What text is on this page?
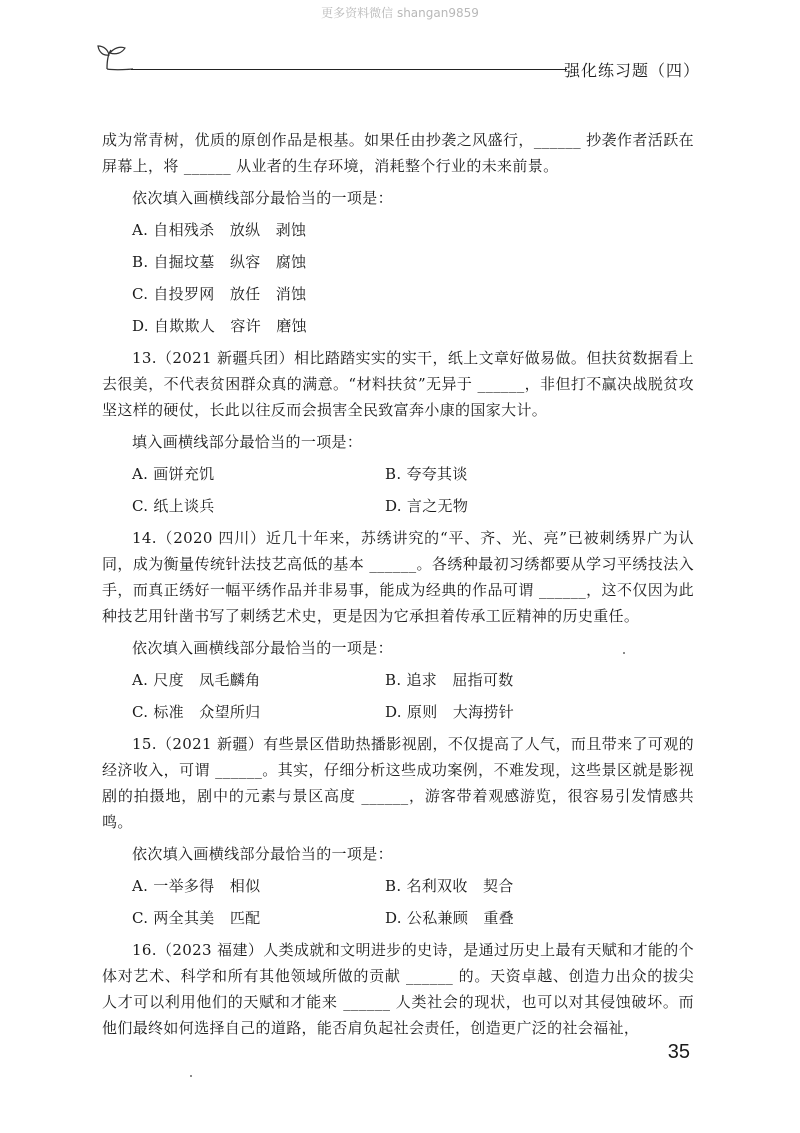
更多资料微信 shangan9859
强化练习题（四）

成为常青树，优质的原创作品是根基。如果任由抄袭之风盛行，______ 抄袭作者活跃在屏幕上，将 ______ 从业者的生存环境，消耗整个行业的未来前景。

依次填入画横线部分最恰当的一项是：

A. 自相残杀　放纵　剥蚀
B. 自掘坟墓　纵容　腐蚀
C. 自投罗网　放任　消蚀
D. 自欺欺人　容许　磨蚀

13.（2021 新疆兵团）相比踏踏实实的实干，纸上文章好做易做。但扶贫数据看上去很美，不代表贫困群众真的满意。“材料扶贫”无异于 ______，非但打不赢决战脱贫攻坚这样的硬仗，长此以往反而会损害全民致富奔小康的国家大计。

填入画横线部分最恰当的一项是：

A. 画饼充饥	B. 夸夸其谈
C. 纸上谈兵	D. 言之无物

14.（2020 四川）近几十年来，苏绣讲究的“平、齐、光、亮”已被刺绣界广为认同，成为衡量传统针法技艺高低的基本 ______。各绣种最初习绣都要从学习平绣技法入手，而真正绣好一幅平绣作品并非易事，能成为经典的作品可谓 ______，这不仅因为此种技艺用针凿书写了刺绣艺术史，更是因为它承担着传承工匠精神的历史重任。

依次填入画横线部分最恰当的一项是：

A. 尺度　凤毛麟角	B. 追求　屈指可数
C. 标准　众望所归	D. 原则　大海捞针

15.（2021 新疆）有些景区借助热播影视剧，不仅提高了人气，而且带来了可观的经济收入，可谓 ______。其实，仔细分析这些成功案例，不难发现，这些景区就是影视剧的拍摄地，剧中的元素与景区高度 ______，游客带着观感游览，很容易引发情感共鸣。

依次填入画横线部分最恰当的一项是：

A. 一举多得　相似	B. 名利双收　契合
C. 两全其美　匹配	D. 公私兼顾　重叠

16.（2023 福建）人类成就和文明进步的史诗，是通过历史上最有天赋和才能的个体对艺术、科学和所有其他领域所做的贡献 ______ 的。天资卓越、创造力出众的拔尖人才可以利用他们的天赋和才能来 ______ 人类社会的现状，也可以对其侵蚀破坏。而他们最终如何选择自己的道路，能否肩负起社会责任，创造更广泛的社会福祉，

35
